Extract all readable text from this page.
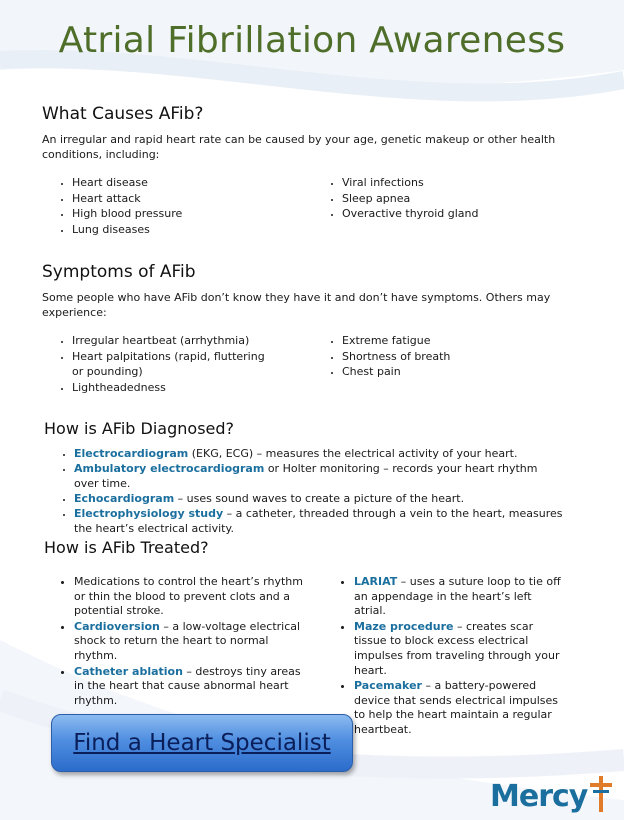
Atrial Fibrillation Awareness
What Causes AFib?

An irregular and rapid heart rate can be caused by your age, genetic makeup or other health conditions, including:

• Heart disease
• Heart attack
• High blood pressure
• Lung diseases
• Viral infections
• Sleep apnea
• Overactive thyroid gland
Symptoms of AFib

Some people who have AFib don’t know they have it and don’t have symptoms. Others may experience:

• Irregular heartbeat (arrhythmia)
• Heart palpitations (rapid, fluttering or pounding)
• Lightheadedness
• Extreme fatigue
• Shortness of breath
• Chest pain
How is AFib Diagnosed?
• Electrocardiogram (EKG, ECG) – measures the electrical activity of your heart.
• Ambulatory electrocardiogram or Holter monitoring – records your heart rhythm over time.
• Echocardiogram – uses sound waves to create a picture of the heart.
• Electrophysiology study – a catheter, threaded through a vein to the heart, measures the heart’s electrical activity.
How is AFib Treated?
• Medications to control the heart’s rhythm or thin the blood to prevent clots and a potential stroke.
• Cardioversion – a low-voltage electrical shock to return the heart to normal rhythm.
• Catheter ablation – destroys tiny areas in the heart that cause abnormal heart rhythm.
• LARIAT – uses a suture loop to tie off an appendage in the heart’s left atrial.
• Maze procedure – creates scar tissue to block excess electrical impulses from traveling through your heart.
• Pacemaker – a battery-powered device that sends electrical impulses to help the heart maintain a regular heartbeat.
Find a Heart Specialist
Mercy
